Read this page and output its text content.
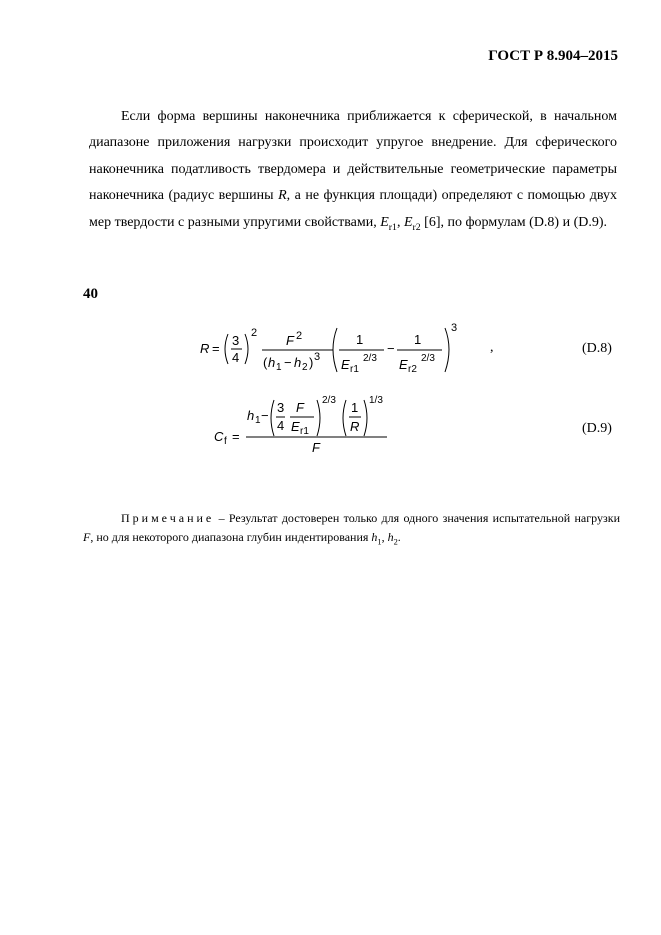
ГОСТ Р 8.904–2015
Если форма вершины наконечника приближается к сферической, в начальном диапазоне приложения нагрузки происходит упругое внедрение. Для сферического наконечника податливость твердомера и действительные геометрические параметры наконечника (радиус вершины R, а не функция площади) определяют с помощью двух мер твердости с разными упругими свойствами, $E_{r1}$, $E_{r2}$ [6], по формулам (D.8) и (D.9).
40
R =
3
4
2 F 2
( h 1 − h 2 ) 3
1
E r1
2/3
−
1
E r2
2/3
3
,	(D.8)
C f =
h 1 −
3
4
F
E r1
2/3 1
R
1/3
F
(D.9)
Примечание – Результат достоверен только для одного значения испытательной нагрузки F, но для некоторого диапазона глубин индентирования $h_1$, $h_2$.
